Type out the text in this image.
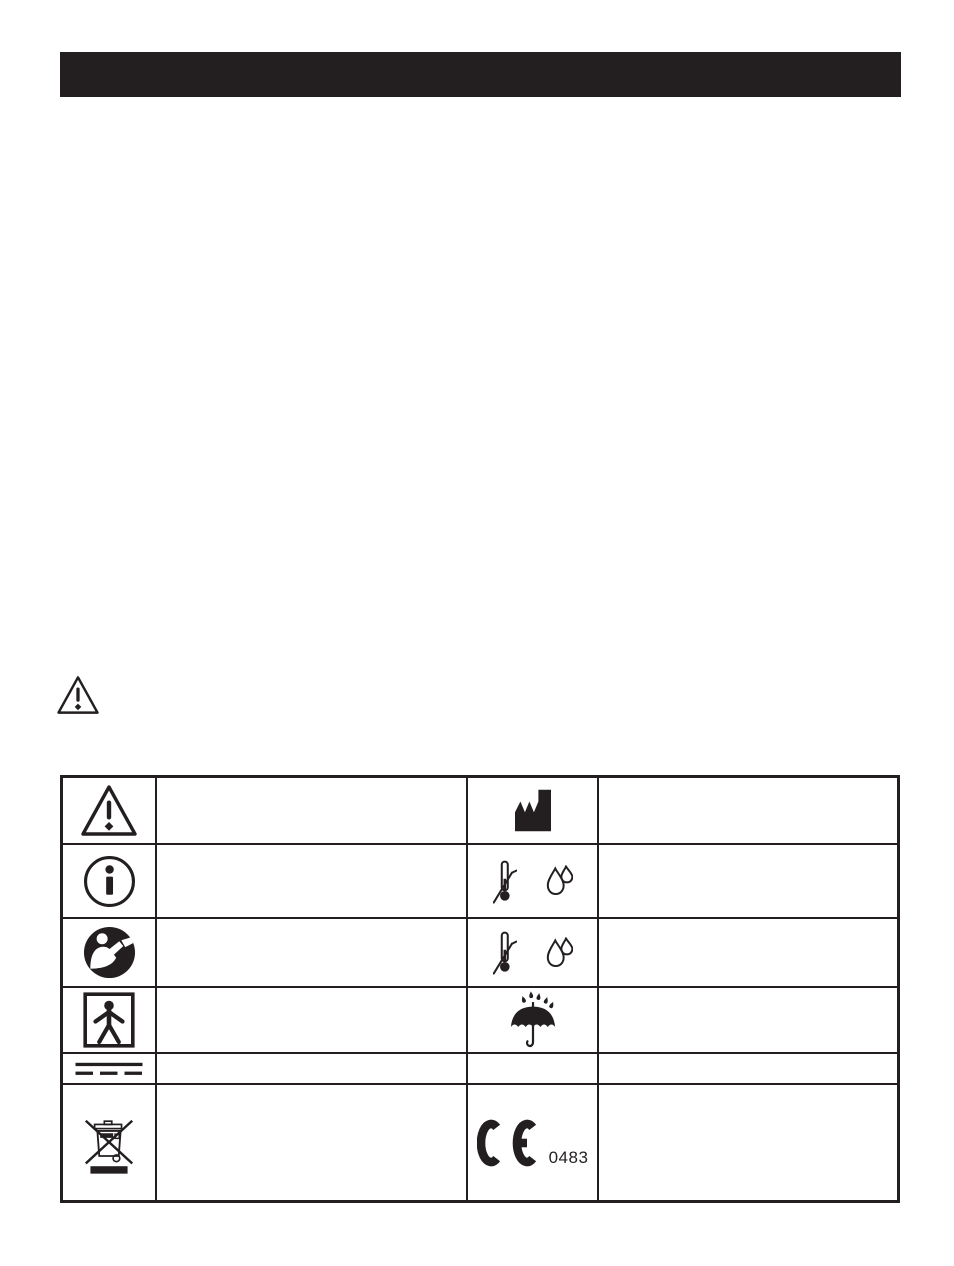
0483
